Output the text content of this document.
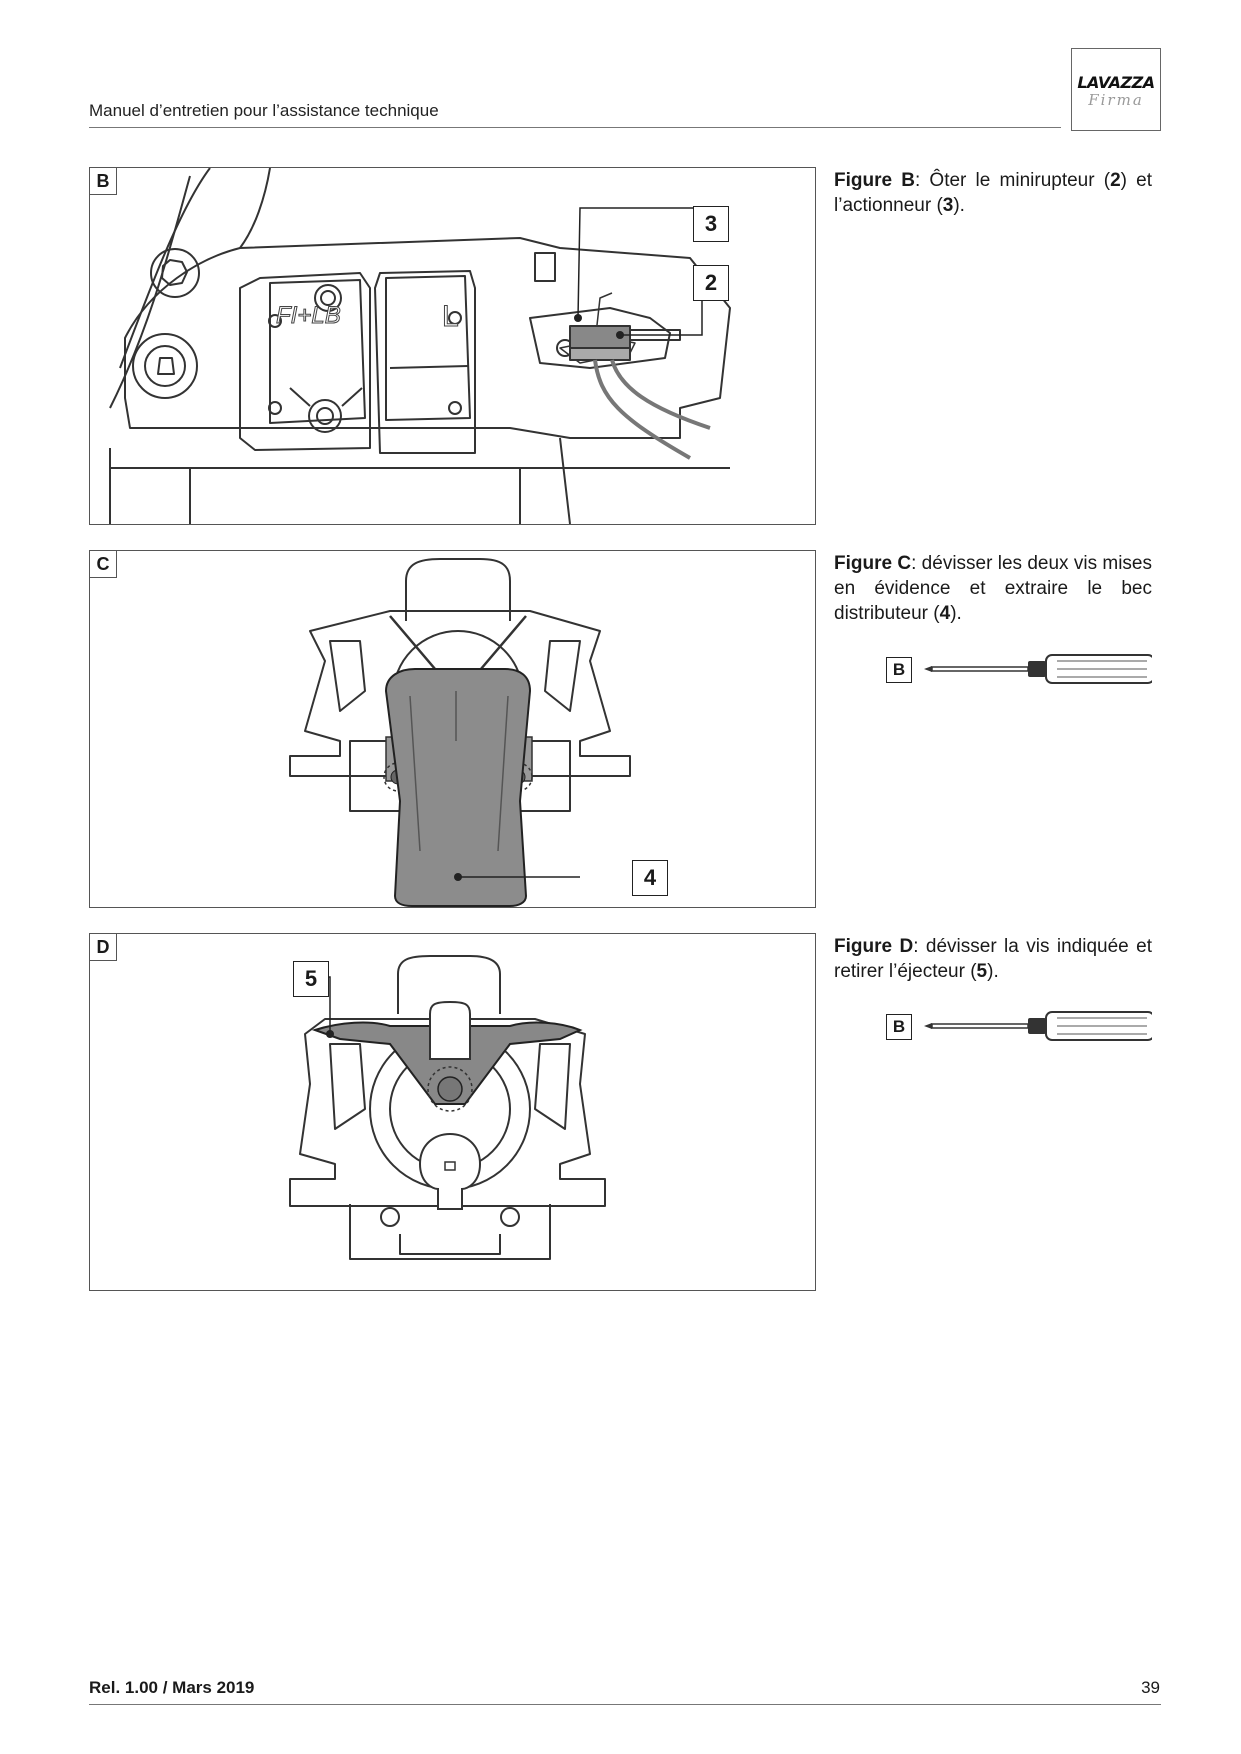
Manuel d’entretien pour l’assistance technique
LAVAZZA
Firma
FI+LB	L
B
3
2
Figure B: Ôter le minirupteur (2) et l’actionneur (3).
C
4
Figure C: dévisser les deux vis mises en évidence et extraire le bec distributeur (4).
B
D
5
Figure D: dévisser la vis indiquée et retirer l’éjecteur (5).
B
Rel. 1.00 / Mars 2019	39
